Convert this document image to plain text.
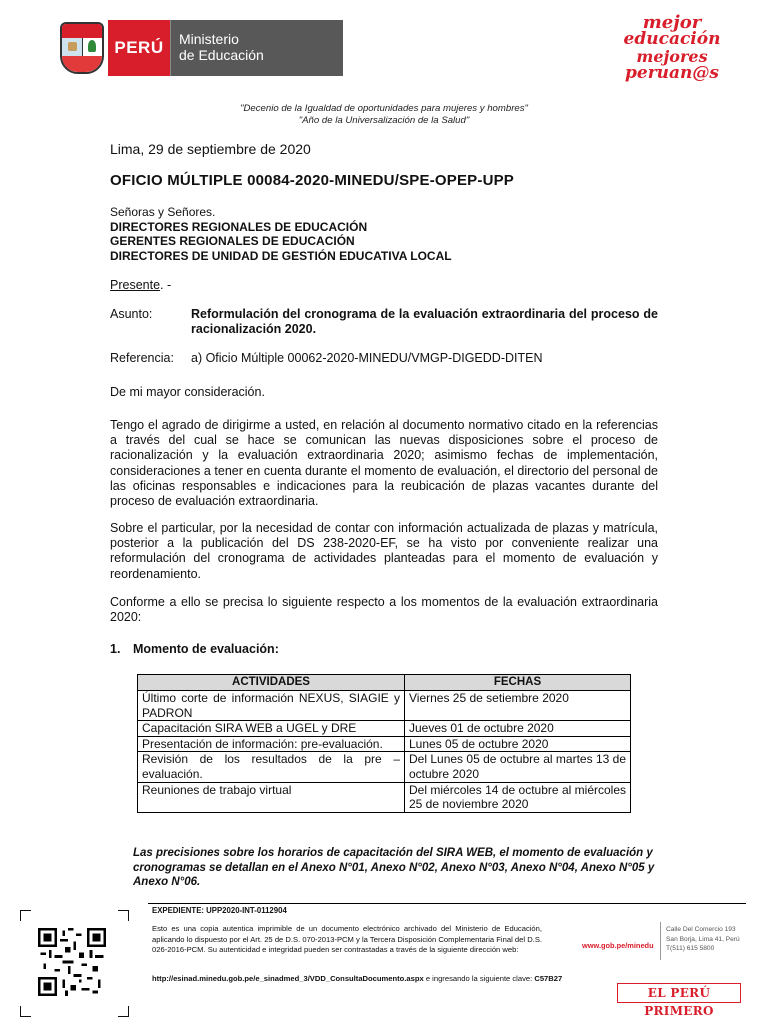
PERÚ	Ministerio
de Educación
mejor
educación
mejores
peruan@s
"Decenio de la Igualdad de oportunidades para mujeres y hombres"
"Año de la Universalización de la Salud"
Lima, 29 de septiembre de 2020
OFICIO MÚLTIPLE 00084-2020-MINEDU/SPE-OPEP-UPP
Señoras y Señores.
DIRECTORES REGIONALES DE EDUCACIÓN
GERENTES REGIONALES DE EDUCACIÓN
DIRECTORES DE UNIDAD DE GESTIÓN EDUCATIVA LOCAL
Presente. -
Asunto:	Reformulación del cronograma de la evaluación extraordinaria del proceso de racionalización 2020.
Referencia: a) Oficio Múltiple 00062-2020-MINEDU/VMGP-DIGEDD-DITEN
De mi mayor consideración.
Tengo el agrado de dirigirme a usted, en relación al documento normativo citado en la referencias a través del cual se hace se comunican las nuevas disposiciones sobre el proceso de racionalización y la evaluación extraordinaria 2020; asimismo fechas de implementación, consideraciones a tener en cuenta durante el momento de evaluación, el directorio del personal de las oficinas responsables e indicaciones para la reubicación de plazas vacantes durante del proceso de evaluación extraordinaria.
Sobre el particular, por la necesidad de contar con información actualizada de plazas y matrícula, posterior a la publicación del DS 238-2020-EF, se ha visto por conveniente realizar una reformulación del cronograma de actividades planteadas para el momento de evaluación y reordenamiento.
Conforme a ello se precisa lo siguiente respecto a los momentos de la evaluación extraordinaria 2020:
1. Momento de evaluación:
ACTIVIDADES	FECHAS
Último corte de información NEXUS, SIAGIE y PADRON	Viernes 25 de setiembre 2020
Capacitación SIRA WEB a UGEL y DRE	Jueves 01 de octubre 2020
Presentación de información: pre-evaluación.	Lunes 05 de octubre 2020
Revisión de los resultados de la pre – evaluación.	Del Lunes 05 de octubre al martes 13 de octubre 2020
Reuniones de trabajo virtual	Del miércoles 14 de octubre al miércoles 25 de noviembre 2020
Las precisiones sobre los horarios de capacitación del SIRA WEB, el momento de evaluación y cronogramas se detallan en el Anexo N°01, Anexo N°02, Anexo N°03, Anexo N°04, Anexo N°05 y Anexo N°06.
EXPEDIENTE: UPP2020-INT-0112904
Esto es una copia autentica imprimible de un documento electrónico archivado del Ministerio de Educación, aplicando lo dispuesto por el Art. 25 de D.S. 070-2013-PCM y la Tercera Disposición Complementaria Final del D.S. 026-2016-PCM. Su autenticidad e integridad pueden ser contrastadas a través de la siguiente dirección web:
http://esinad.minedu.gob.pe/e_sinadmed_3/VDD_ConsultaDocumento.aspx e ingresando la siguiente clave: C57B27
www.gob.pe/minedu
Calle Del Comercio 193
San Borja, Lima 41, Perú
T(511) 615 5800
EL PERÚ PRIMERO
